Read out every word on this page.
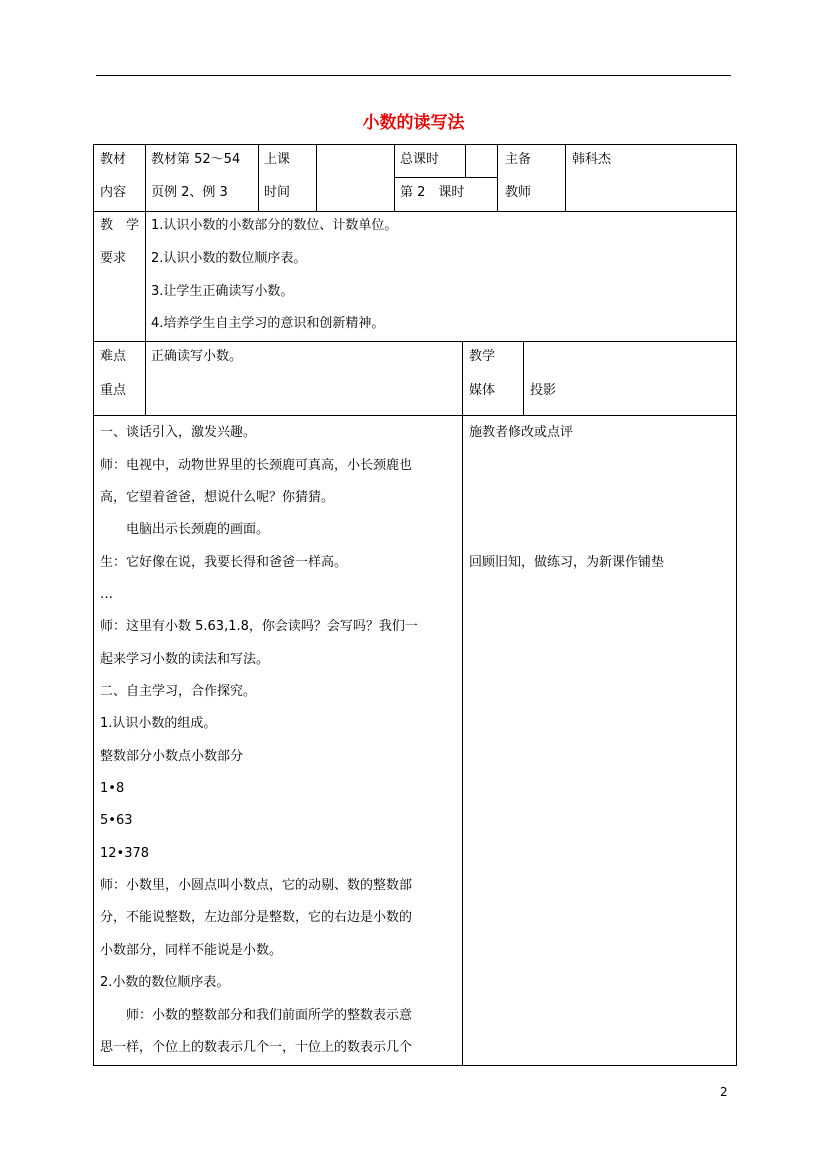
小数的读写法
教材
内容
教材第 52～54
页例 2、例 3
上课
时间
总课时
第 2　课时
主备
教师
韩科杰
教　学
要求
1.认识小数的小数部分的数位、计数单位。
2.认识小数的数位顺序表。
3.让学生正确读写小数。
4.培养学生自主学习的意识和创新精神。
难点
重点
正确读写小数。	教学
媒体	投影
一、谈话引入，激发兴趣。
师：电视中，动物世界里的长颈鹿可真高，小长颈鹿也
高，它望着爸爸，想说什么呢？你猜猜。
　　电脑出示长颈鹿的画面。
生：它好像在说，我要长得和爸爸一样高。
…
师：这里有小数 5.63,1.8，你会读吗？会写吗？我们一
起来学习小数的读法和写法。
二、自主学习，合作探究。
1.认识小数的组成。
整数部分小数点小数部分
1•8
5•63
12•378
师：小数里，小圆点叫小数点，它的动剔、数的整数部
分，不能说整数，左边部分是整数，它的右边是小数的
小数部分，同样不能说是小数。
2.小数的数位顺序表。
　　师：小数的整数部分和我们前面所学的整数表示意
思一样，个位上的数表示几个一，十位上的数表示几个
施教者修改或点评
回顾旧知，做练习，为新课作铺垫
2
